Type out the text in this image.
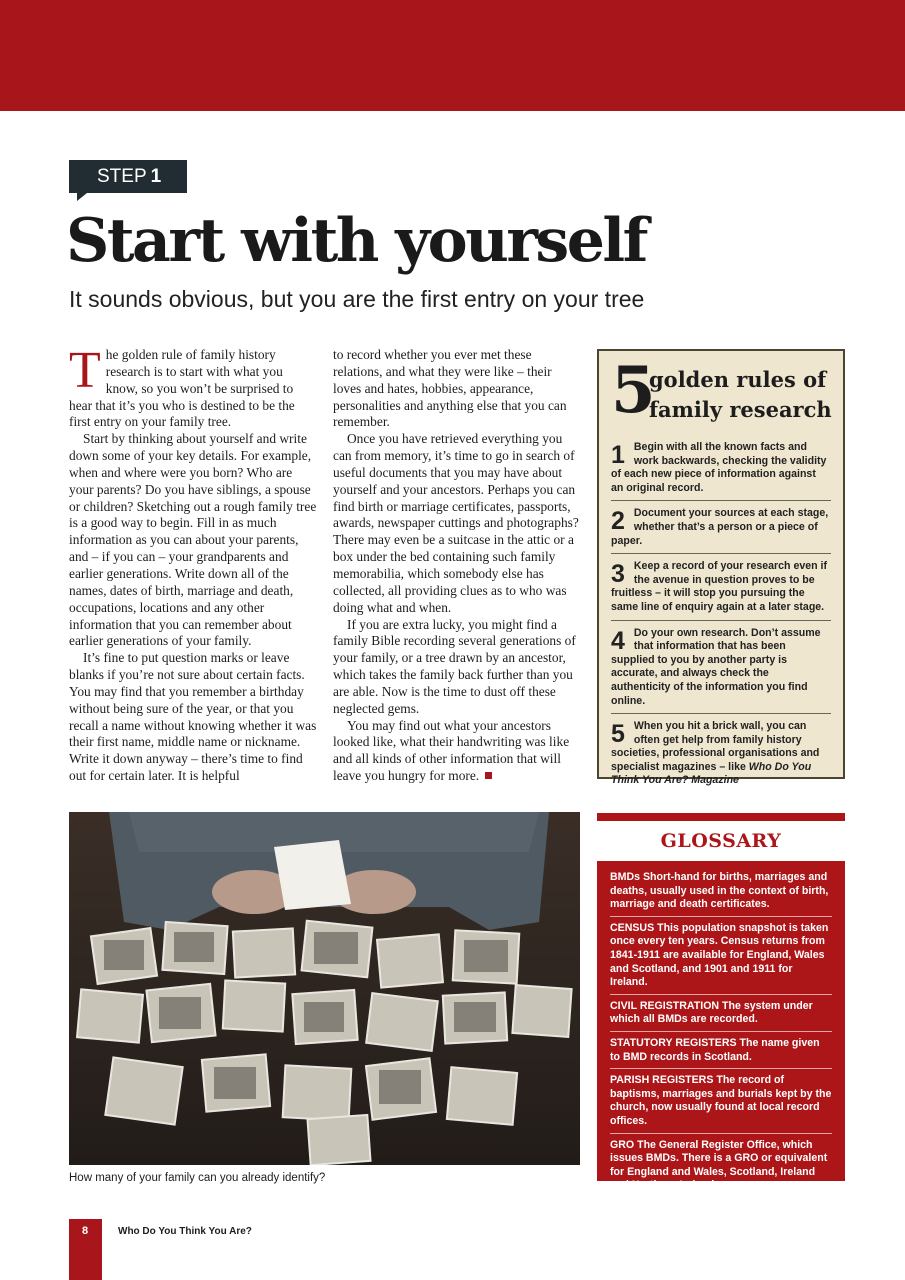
STEP 1
Start with yourself
It sounds obvious, but you are the first entry on your tree

The golden rule of family history research is to start with what you know, so you won’t be surprised to hear that it’s you who is destined to be the first entry on your family tree.

Start by thinking about yourself and write down some of your key details. For example, when and where were you born? Who are your parents? Do you have siblings, a spouse or children? Sketching out a rough family tree is a good way to begin. Fill in as much information as you can about your parents, and – if you can – your grandparents and earlier generations. Write down all of the names, dates of birth, marriage and death, occupations, locations and any other information that you can remember about earlier generations of your family.

It’s fine to put question marks or leave blanks if you’re not sure about certain facts. You may find that you remember a birthday without being sure of the year, or that you recall a name without knowing whether it was their first name, middle name or nickname. Write it down anyway – there’s time to find out for certain later. It is helpful

to record whether you ever met these relations, and what they were like – their loves and hates, hobbies, appearance, personalities and anything else that you can remember.

Once you have retrieved everything you can from memory, it’s time to go in search of useful documents that you may have about yourself and your ancestors. Perhaps you can find birth or marriage certificates, passports, awards, newspaper cuttings and photographs? There may even be a suitcase in the attic or a box under the bed containing such family memorabilia, which somebody else has collected, all providing clues as to who was doing what and when.

If you are extra lucky, you might find a family Bible recording several generations of your family, or a tree drawn by an ancestor, which takes the family back further than you are able. Now is the time to dust off these neglected gems.

You may find out what your ancestors looked like, what their handwriting was like and all kinds of other information that will leave you hungry for more.

5
golden rules of family research
1 Begin with all the known facts and work backwards, checking the validity of each new piece of information against an original record.
2 Document your sources at each stage, whether that’s a person or a piece of paper.
3 Keep a record of your research even if the avenue in question proves to be fruitless – it will stop you pursuing the same line of enquiry again at a later stage.
4 Do your own research. Don’t assume that information that has been supplied to you by another party is accurate, and always check the authenticity of the information you find online.
5 When you hit a brick wall, you can often get help from family history societies, professional organisations and specialist magazines – like Who Do You Think You Are? Magazine
How many of your family can you already identify?
GLOSSARY
BMDs Short-hand for births, marriages and deaths, usually used in the context of birth, marriage and death certificates.
CENSUS This population snapshot is taken once every ten years. Census returns from 1841-1911 are available for England, Wales and Scotland, and 1901 and 1911 for Ireland.
CIVIL REGISTRATION The system under which all BMDs are recorded.
STATUTORY REGISTERS The name given to BMD records in Scotland.
PARISH REGISTERS The record of baptisms, marriages and burials kept by the church, now usually found at local record offices.
GRO The General Register Office, which issues BMDs. There is a GRO or equivalent for England and Wales, Scotland, Ireland and Northern Ireland.
8	Who Do You Think You Are?
